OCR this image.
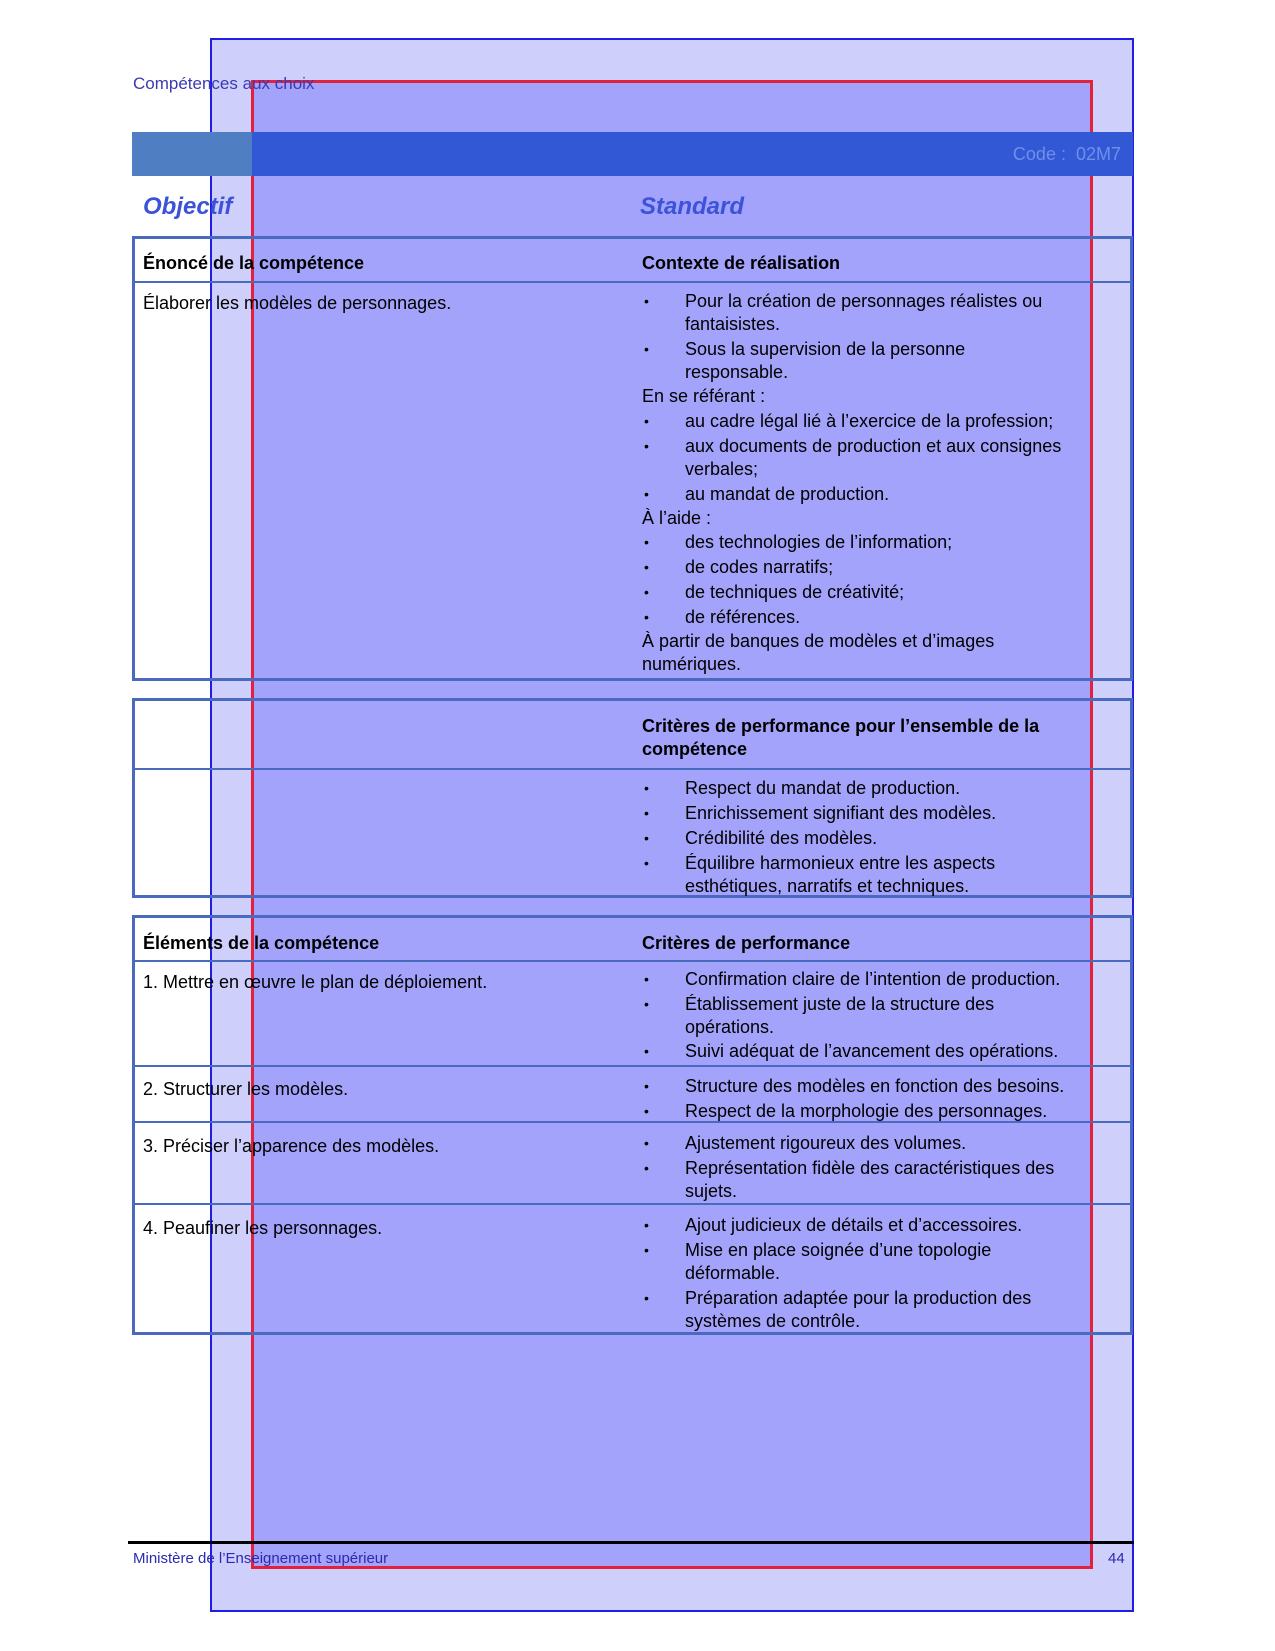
Compétences aux choix
Code : 02M7
Objectif	Standard
Énoncé de la compétence	Contexte de réalisation
Élaborer les modèles de personnages.	• Pour la création de personnages réalistes ou
fantaisistes.
• Sous la supervision de la personne
responsable.
En se référant :
• au cadre légal lié à l’exercice de la profession;
• aux documents de production et aux consignes
verbales;
• au mandat de production.
À l’aide :
• des technologies de l’information;
• de codes narratifs;
• de techniques de créativité;
• de références.
À partir de banques de modèles et d’images
numériques.
Critères de performance pour l’ensemble de la
compétence
• Respect du mandat de production.
• Enrichissement signifiant des modèles.
• Crédibilité des modèles.
• Équilibre harmonieux entre les aspects
esthétiques, narratifs et techniques.
Éléments de la compétence	Critères de performance
1. Mettre en œuvre le plan de déploiement.	• Confirmation claire de l’intention de production.
• Établissement juste de la structure des
opérations.
• Suivi adéquat de l’avancement des opérations.
2. Structurer les modèles.	• Structure des modèles en fonction des besoins.
• Respect de la morphologie des personnages.
3. Préciser l’apparence des modèles.	• Ajustement rigoureux des volumes.
• Représentation fidèle des caractéristiques des
sujets.
4. Peaufiner les personnages.	• Ajout judicieux de détails et d’accessoires.
• Mise en place soignée d’une topologie
déformable.
• Préparation adaptée pour la production des
systèmes de contrôle.
Ministère de l’Enseignement supérieur	44
